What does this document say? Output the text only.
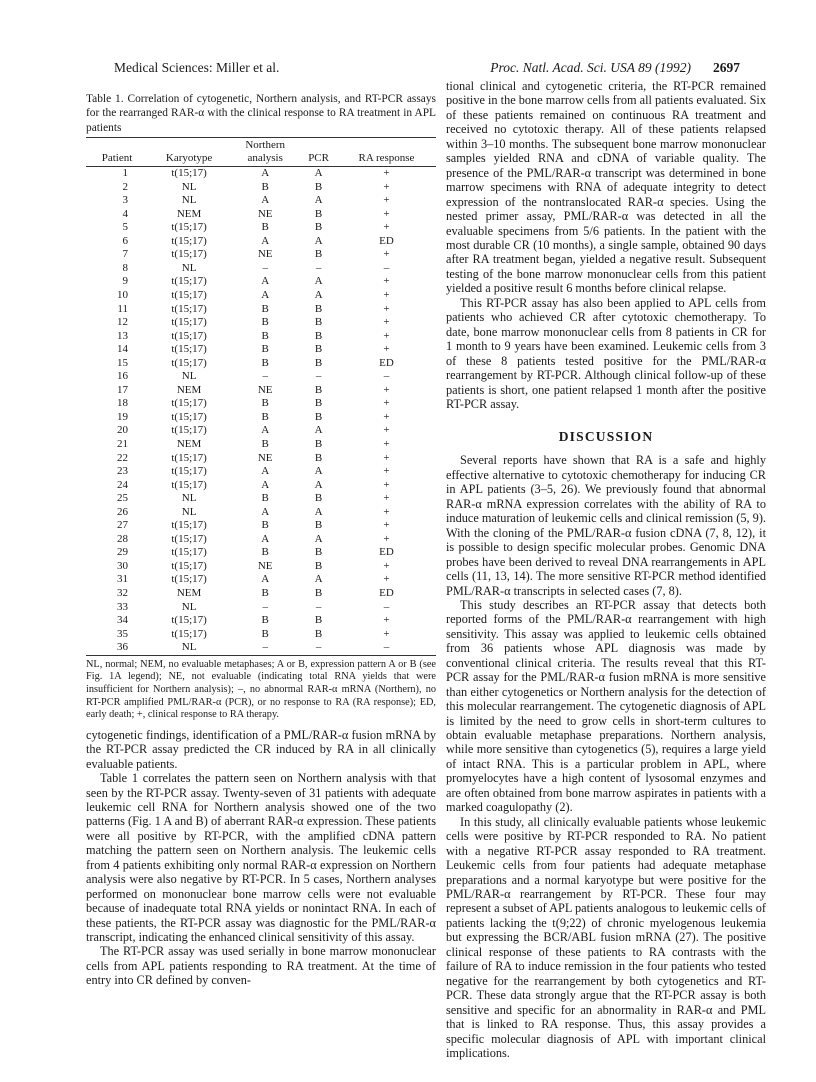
Medical Sciences: Miller et al.	Proc. Natl. Acad. Sci. USA 89 (1992) 2697

Table 1. Correlation of cytogenetic, Northern analysis, and RT-PCR assays for the rearranged RAR-α with the clinical response to RA treatment in APL patients

Patient	Karyotype	Northern analysis	PCR	RA response
1	t(15;17)	A	A	+
2	NL	B	B	+
3	NL	A	A	+
4	NEM	NE	B	+
5	t(15;17)	B	B	+
6	t(15;17)	A	A	ED
7	t(15;17)	NE	B	+
8	NL	–	–	–
9	t(15;17)	A	A	+
10	t(15;17)	A	A	+
11	t(15;17)	B	B	+
12	t(15;17)	B	B	+
13	t(15;17)	B	B	+
14	t(15;17)	B	B	+
15	t(15;17)	B	B	ED
16	NL	–	–	–
17	NEM	NE	B	+
18	t(15;17)	B	B	+
19	t(15;17)	B	B	+
20	t(15;17)	A	A	+
21	NEM	B	B	+
22	t(15;17)	NE	B	+
23	t(15;17)	A	A	+
24	t(15;17)	A	A	+
25	NL	B	B	+
26	NL	A	A	+
27	t(15;17)	B	B	+
28	t(15;17)	A	A	+
29	t(15;17)	B	B	ED
30	t(15;17)	NE	B	+
31	t(15;17)	A	A	+
32	NEM	B	B	ED
33	NL	–	–	–
34	t(15;17)	B	B	+
35	t(15;17)	B	B	+
36	NL	–	–	–

NL, normal; NEM, no evaluable metaphases; A or B, expression pattern A or B (see Fig. 1A legend); NE, not evaluable (indicating total RNA yields that were insufficient for Northern analysis); –, no abnormal RAR-α mRNA (Northern), no RT-PCR amplified PML/RAR-α (PCR), or no response to RA (RA response); ED, early death; +, clinical response to RA therapy.

cytogenetic findings, identification of a PML/RAR-α fusion mRNA by the RT-PCR assay predicted the CR induced by RA in all clinically evaluable patients.

Table 1 correlates the pattern seen on Northern analysis with that seen by the RT-PCR assay. Twenty-seven of 31 patients with adequate leukemic cell RNA for Northern analysis showed one of the two patterns (Fig. 1 A and B) of aberrant RAR-α expression. These patients were all positive by RT-PCR, with the amplified cDNA pattern matching the pattern seen on Northern analysis. The leukemic cells from 4 patients exhibiting only normal RAR-α expression on Northern analysis were also negative by RT-PCR. In 5 cases, Northern analyses performed on mononuclear bone marrow cells were not evaluable because of inadequate total RNA yields or nonintact RNA. In each of these patients, the RT-PCR assay was diagnostic for the PML/RAR-α transcript, indicating the enhanced clinical sensitivity of this assay.

The RT-PCR assay was used serially in bone marrow mononuclear cells from APL patients responding to RA treatment. At the time of entry into CR defined by conven-

tional clinical and cytogenetic criteria, the RT-PCR remained positive in the bone marrow cells from all patients evaluated. Six of these patients remained on continuous RA treatment and received no cytotoxic therapy. All of these patients relapsed within 3–10 months. The subsequent bone marrow mononuclear samples yielded RNA and cDNA of variable quality. The presence of the PML/RAR-α transcript was determined in bone marrow specimens with RNA of adequate integrity to detect expression of the nontranslocated RAR-α species. Using the nested primer assay, PML/RAR-α was detected in all the evaluable specimens from 5/6 patients. In the patient with the most durable CR (10 months), a single sample, obtained 90 days after RA treatment began, yielded a negative result. Subsequent testing of the bone marrow mononuclear cells from this patient yielded a positive result 6 months before clinical relapse.

This RT-PCR assay has also been applied to APL cells from patients who achieved CR after cytotoxic chemotherapy. To date, bone marrow mononuclear cells from 8 patients in CR for 1 month to 9 years have been examined. Leukemic cells from 3 of these 8 patients tested positive for the PML/RAR-α rearrangement by RT-PCR. Although clinical follow-up of these patients is short, one patient relapsed 1 month after the positive RT-PCR assay.

DISCUSSION

Several reports have shown that RA is a safe and highly effective alternative to cytotoxic chemotherapy for inducing CR in APL patients (3–5, 26). We previously found that abnormal RAR-α mRNA expression correlates with the ability of RA to induce maturation of leukemic cells and clinical remission (5, 9). With the cloning of the PML/RAR-α fusion cDNA (7, 8, 12), it is possible to design specific molecular probes. Genomic DNA probes have been derived to reveal DNA rearrangements in APL cells (11, 13, 14). The more sensitive RT-PCR method identified PML/RAR-α transcripts in selected cases (7, 8).

This study describes an RT-PCR assay that detects both reported forms of the PML/RAR-α rearrangement with high sensitivity. This assay was applied to leukemic cells obtained from 36 patients whose APL diagnosis was made by conventional clinical criteria. The results reveal that this RT-PCR assay for the PML/RAR-α fusion mRNA is more sensitive than either cytogenetics or Northern analysis for the detection of this molecular rearrangement. The cytogenetic diagnosis of APL is limited by the need to grow cells in short-term cultures to obtain evaluable metaphase preparations. Northern analysis, while more sensitive than cytogenetics (5), requires a large yield of intact RNA. This is a particular problem in APL, where promyelocytes have a high content of lysosomal enzymes and are often obtained from bone marrow aspirates in patients with a marked coagulopathy (2).

In this study, all clinically evaluable patients whose leukemic cells were positive by RT-PCR responded to RA. No patient with a negative RT-PCR assay responded to RA treatment. Leukemic cells from four patients had adequate metaphase preparations and a normal karyotype but were positive for the PML/RAR-α rearrangement by RT-PCR. These four may represent a subset of APL patients analogous to leukemic cells of patients lacking the t(9;22) of chronic myelogenous leukemia but expressing the BCR/ABL fusion mRNA (27). The positive clinical response of these patients to RA contrasts with the failure of RA to induce remission in the four patients who tested negative for the rearrangement by both cytogenetics and RT-PCR. These data strongly argue that the RT-PCR assay is both sensitive and specific for an abnormality in RAR-α and PML that is linked to RA response. Thus, this assay provides a specific molecular diagnosis of APL with important clinical implications.
